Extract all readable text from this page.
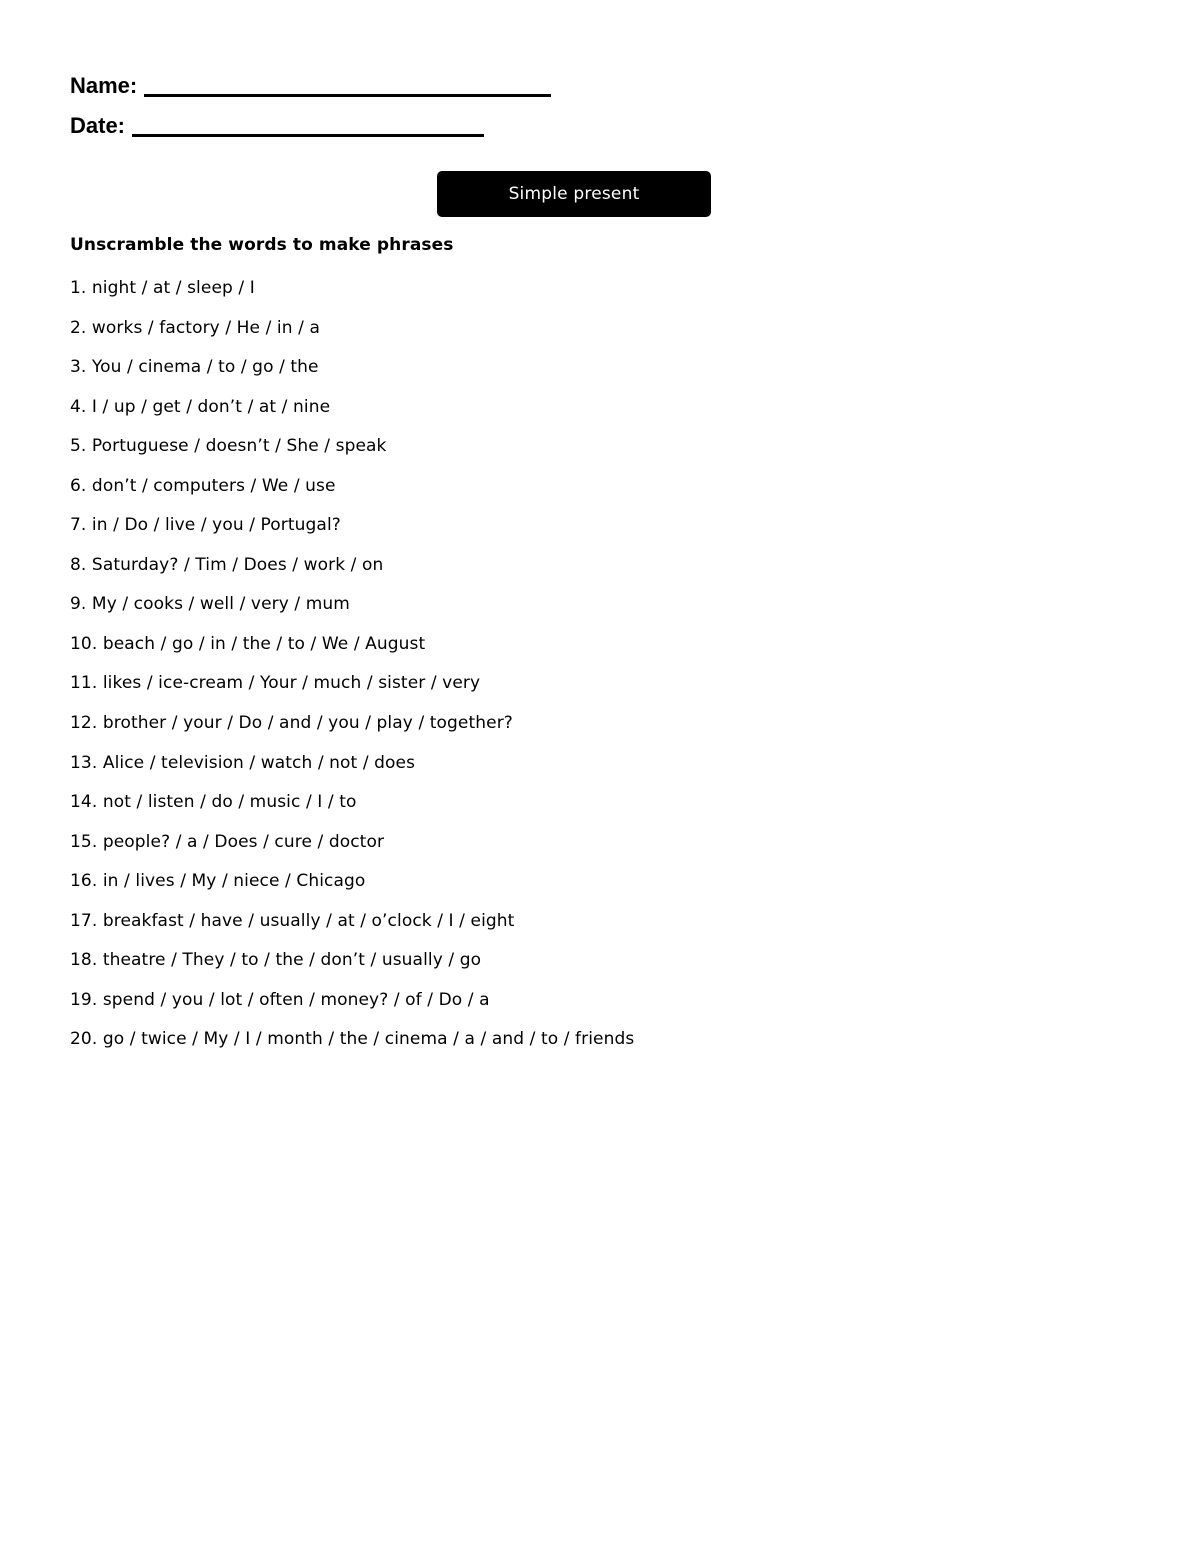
Name:
Date:
Simple present
Unscramble the words to make phrases
1. night / at / sleep / I
2. works / factory / He / in / a
3. You / cinema / to / go / the
4. I / up / get / don’t / at / nine
5. Portuguese / doesn’t / She / speak
6. don’t / computers / We / use
7. in / Do / live / you / Portugal?
8. Saturday? / Tim / Does / work / on
9. My / cooks / well / very / mum
10. beach / go / in / the / to / We / August
11. likes / ice-cream / Your / much / sister / very
12. brother / your / Do / and / you / play / together?
13. Alice / television / watch / not / does
14. not / listen / do / music / I / to
15. people? / a / Does / cure / doctor
16. in / lives / My / niece / Chicago
17. breakfast / have / usually / at / o’clock / I / eight
18. theatre / They / to / the / don’t / usually / go
19. spend / you / lot / often / money? / of / Do / a
20. go / twice / My / I / month / the / cinema / a / and / to / friends
